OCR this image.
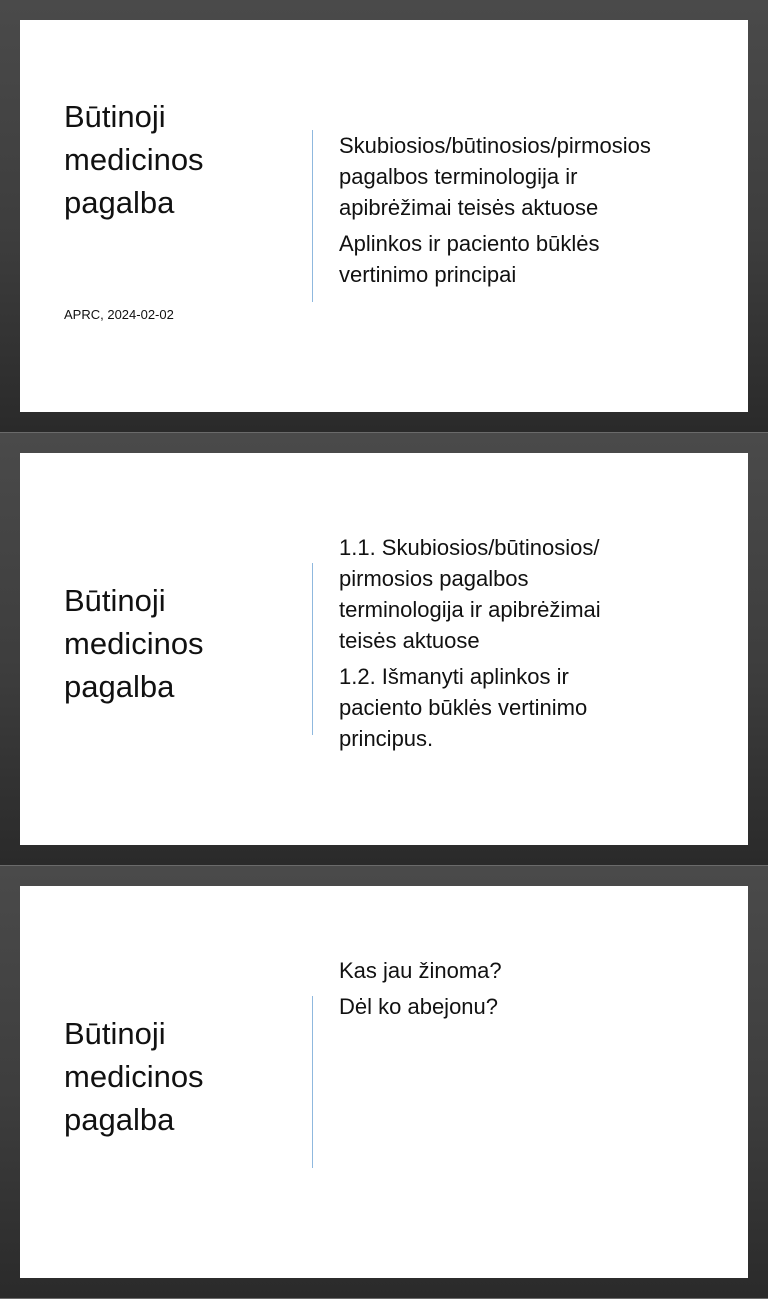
Būtinoji
medicinos
pagalba
APRC, 2024-02-02
Skubiosios/būtinosios/pirmosios
pagalbos terminologija ir
apibrėžimai teisės aktuose
Aplinkos ir paciento būklės
vertinimo principai
Būtinoji
medicinos
pagalba
1.1. Skubiosios/būtinosios/
pirmosios pagalbos
terminologija ir apibrėžimai
teisės aktuose
1.2. Išmanyti aplinkos ir
paciento būklės vertinimo
principus.
Būtinoji
medicinos
pagalba
Kas jau žinoma?
Dėl ko abejonu?
